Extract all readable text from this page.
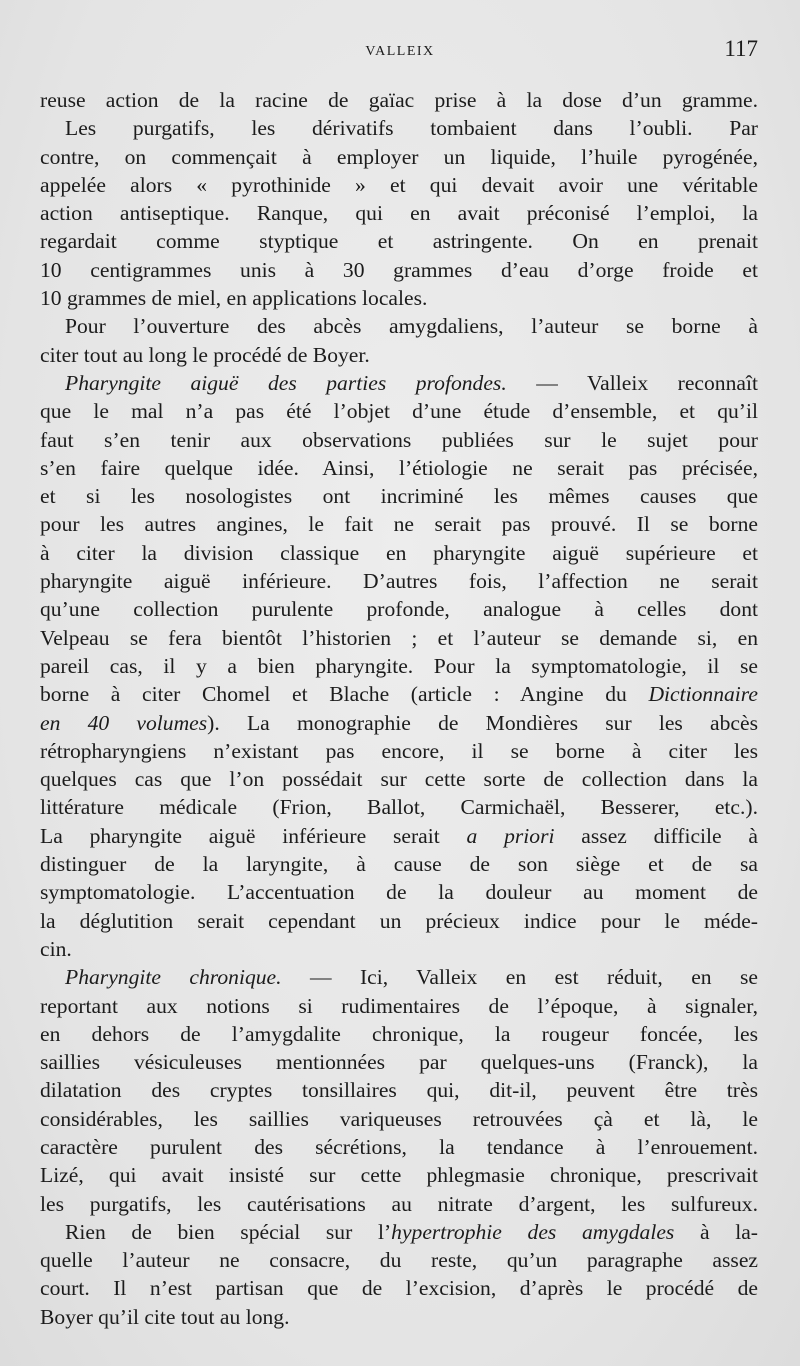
VALLEIX	117
reuse action de la racine de gaïac prise à la dose d’un gramme.
Les purgatifs, les dérivatifs tombaient dans l’oubli. Par
contre, on commençait à employer un liquide, l’huile pyrogénée,
appelée alors « pyrothinide » et qui devait avoir une véritable
action antiseptique. Ranque, qui en avait préconisé l’emploi, la
regardait comme styptique et astringente. On en prenait
10 centigrammes unis à 30 grammes d’eau d’orge froide et
10 grammes de miel, en applications locales.
Pour l’ouverture des abcès amygdaliens, l’auteur se borne à
citer tout au long le procédé de Boyer.
Pharyngite aiguë des parties profondes. — Valleix reconnaît
que le mal n’a pas été l’objet d’une étude d’ensemble, et qu’il
faut s’en tenir aux observations publiées sur le sujet pour
s’en faire quelque idée. Ainsi, l’étiologie ne serait pas précisée,
et si les nosologistes ont incriminé les mêmes causes que
pour les autres angines, le fait ne serait pas prouvé. Il se borne
à citer la division classique en pharyngite aiguë supérieure et
pharyngite aiguë inférieure. D’autres fois, l’affection ne serait
qu’une collection purulente profonde, analogue à celles dont
Velpeau se fera bientôt l’historien ; et l’auteur se demande si, en
pareil cas, il y a bien pharyngite. Pour la symptomatologie, il se
borne à citer Chomel et Blache (article : Angine du Dictionnaire
en 40 volumes). La monographie de Mondières sur les abcès
rétropharyngiens n’existant pas encore, il se borne à citer les
quelques cas que l’on possédait sur cette sorte de collection dans la
littérature médicale (Frion, Ballot, Carmichaël, Besserer, etc.).
La pharyngite aiguë inférieure serait a priori assez difficile à
distinguer de la laryngite, à cause de son siège et de sa
symptomatologie. L’accentuation de la douleur au moment de
la déglutition serait cependant un précieux indice pour le méde-
cin.
Pharyngite chronique. — Ici, Valleix en est réduit, en se
reportant aux notions si rudimentaires de l’époque, à signaler,
en dehors de l’amygdalite chronique, la rougeur foncée, les
saillies vésiculeuses mentionnées par quelques-uns (Franck), la
dilatation des cryptes tonsillaires qui, dit-il, peuvent être très
considérables, les saillies variqueuses retrouvées çà et là, le
caractère purulent des sécrétions, la tendance à l’enrouement.
Lizé, qui avait insisté sur cette phlegmasie chronique, prescrivait
les purgatifs, les cautérisations au nitrate d’argent, les sulfureux.
Rien de bien spécial sur l’hypertrophie des amygdales à la-
quelle l’auteur ne consacre, du reste, qu’un paragraphe assez
court. Il n’est partisan que de l’excision, d’après le procédé de
Boyer qu’il cite tout au long.
